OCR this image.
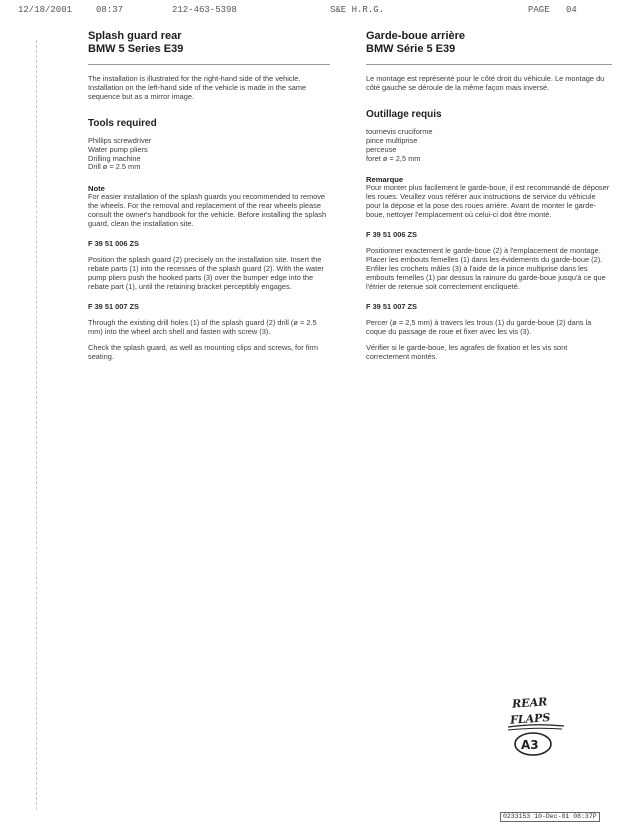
12/18/2001	08:37	212-463-5398	S&E H.R.G.	PAGE 04

Splash guard rear

BMW 5 Series E39

The installation is illustrated for the right-hand side of the vehicle. Installation on the left-hand side of the vehicle is made in the same sequence but as a mirror image.

Tools required

Phillips screwdriver
Water pump pliers
Drilling machine
Drill ø = 2.5 mm

Note

For easier installation of the splash guards you recommended to remove the wheels. For the removal and replacement of the rear wheels please consult the owner's handbook for the vehicle. Before installing the splash guard, clean the installation site.

F 39 51 006 ZS

Position the splash guard (2) precisely on the installation site. Insert the rebate parts (1) into the recesses of the splash guard (2). With the water pump pliers push the hooked parts (3) over the bumper edge into the rebate part (1), until the retaining bracket perceptibly engages.

F 39 51 007 ZS

Through the existing drill holes (1) of the splash guard (2) drill (ø = 2.5 mm) into the wheel arch shell and fasten with screw (3).

Check the splash guard, as well as mounting clips and screws, for firm seating.

Garde-boue arrière

BMW Série 5 E39

Le montage est représenté pour le côté droit du véhicule. Le montage du côté gauche se déroule de la même façon mais inversé.

Outillage requis

tournevis cruciforme
pince multiprise
perceuse
foret ø = 2,5 mm

Remarque

Pour monter plus facilement le garde-boue, il est recommandé de déposer les roues. Veuillez vous référer aux instructions de service du véhicule pour la dépose et la pose des roues arrière. Avant de monter le garde-boue, nettoyer l'emplacement où celui-ci doit être monté.

F 39 51 006 ZS

Positionner exactement le garde-boue (2) à l'emplacement de montage. Placer les embouts femelles (1) dans les évidements du garde-boue (2). Enfiler les crochets mâles (3) à l'aide de la pince multiprise dans les embouts femelles (1) par dessus la rainure du garde-boue jusqu'à ce que l'étrier de retenue soit correctement encliqueté.

F 39 51 007 ZS

Percer (ø = 2,5 mm) à travers les trous (1) du garde-boue (2) dans la coque du passage de roue et fixer avec les vis (3).

Vérifier si le garde-boue, les agrafes de fixation et les vis sont correctement montés.

REAR
FLAPS
A3
0233153 10-Dec-01 08:37P
